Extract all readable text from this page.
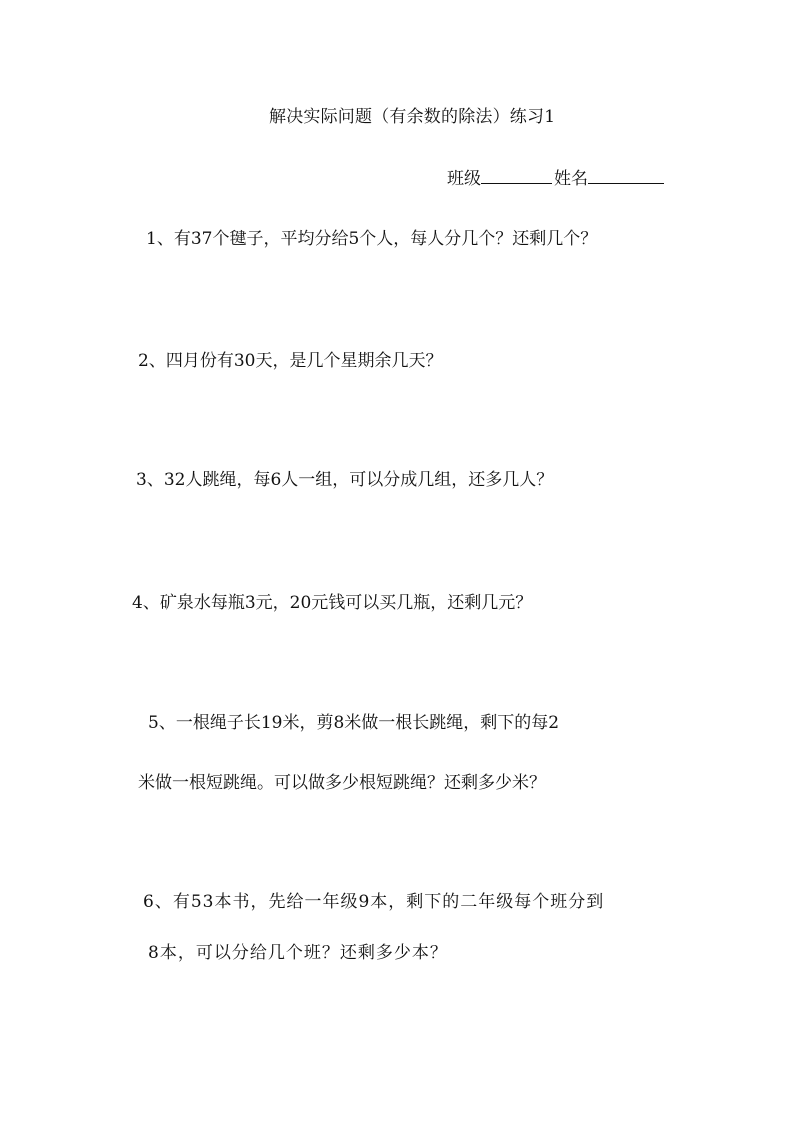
解决实际问题（有余数的除法）练习1
班级	姓名
1、有37个毽子，平均分给5个人，每人分几个？还剩几个？
2、四月份有30天，是几个星期余几天？
3、32人跳绳，每6人一组，可以分成几组，还多几人？
4、矿泉水每瓶3元，20元钱可以买几瓶，还剩几元？
5、一根绳子长19米，剪8米做一根长跳绳，剩下的每2
米做一根短跳绳。可以做多少根短跳绳？还剩多少米？
6、有53本书，先给一年级9本，剩下的二年级每个班分到
8本，可以分给几个班？还剩多少本？
